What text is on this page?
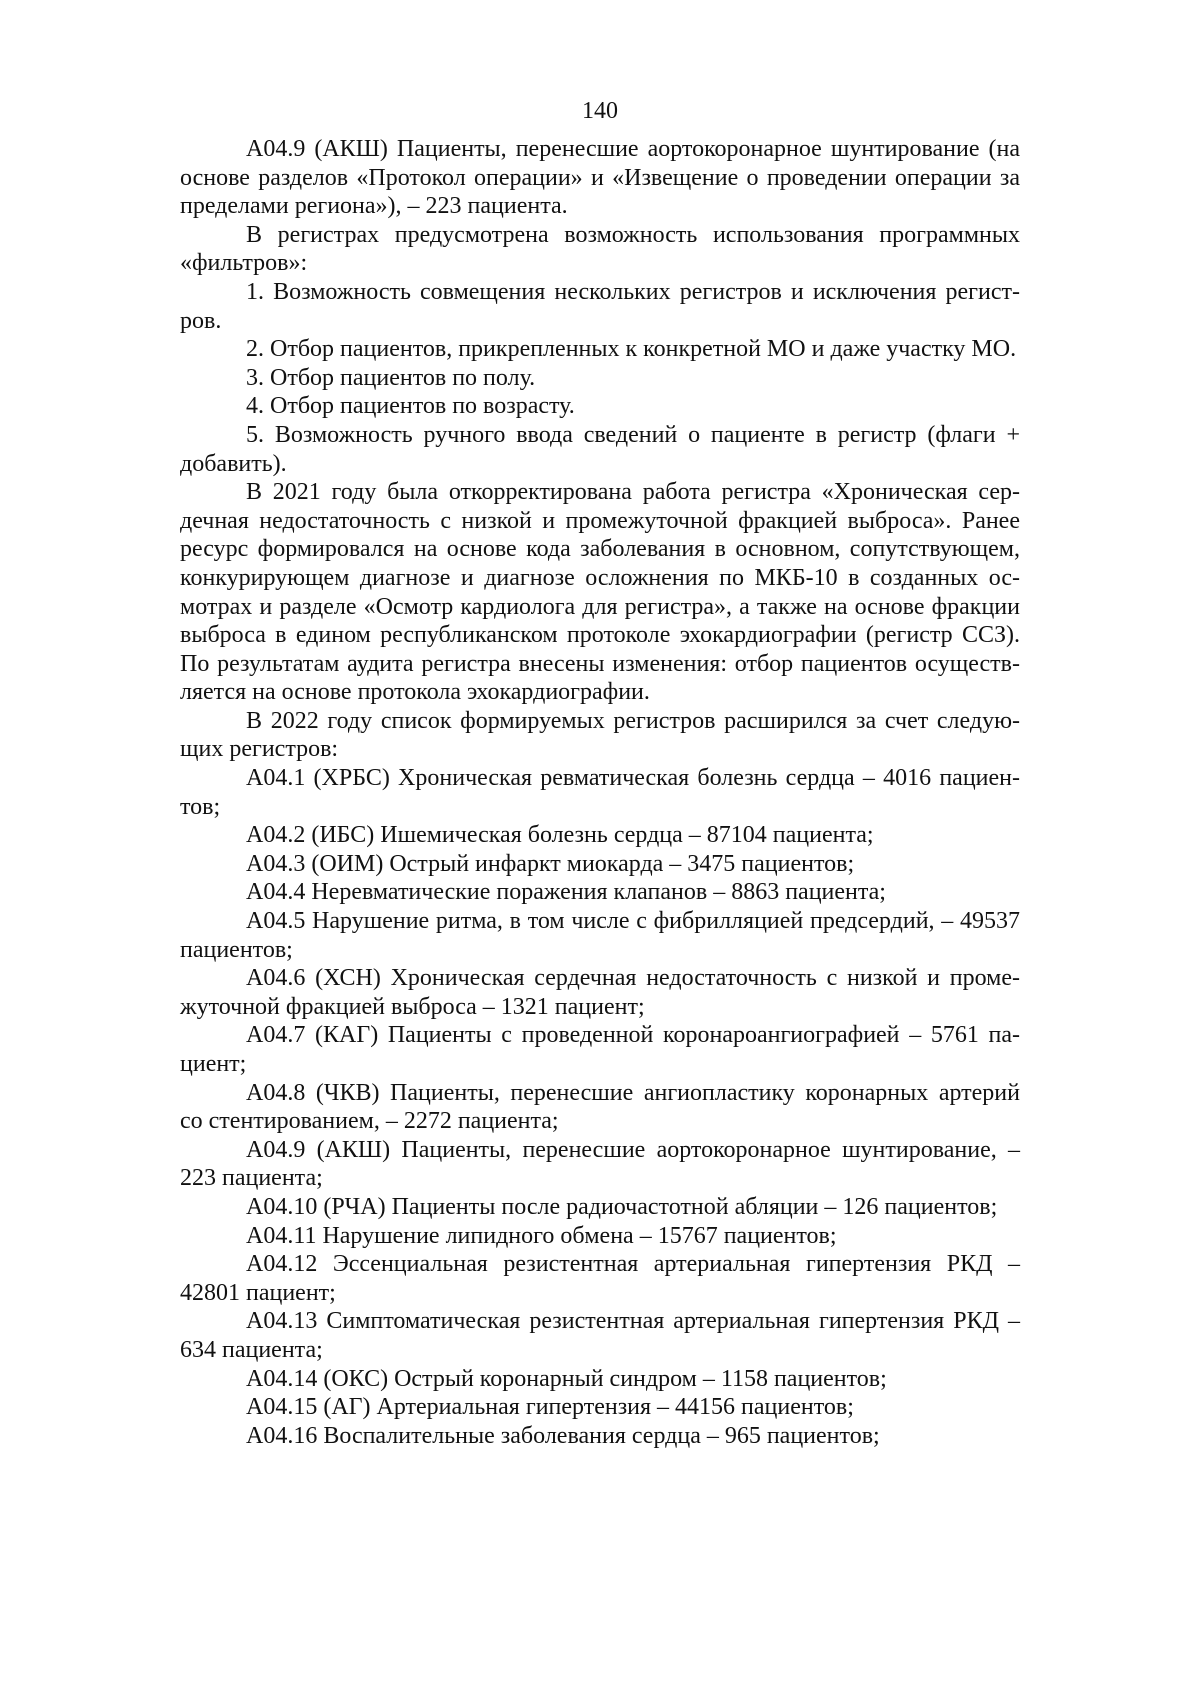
140

А04.9 (АКШ) Пациенты, перенесшие аортокоронарное шунтирование (на основе разделов «Протокол операции» и «Извещение о проведении операции за пределами региона»), – 223 пациента.

В регистрах предусмотрена возможность использования программных «фильтров»:

1. Возможность совмещения нескольких регистров и исключения регистров.

2. Отбор пациентов, прикрепленных к конкретной МО и даже участку МО.

3. Отбор пациентов по полу.

4. Отбор пациентов по возрасту.

5. Возможность ручного ввода сведений о пациенте в регистр (флаги + добавить).

В 2021 году была откорректирована работа регистра «Хроническая сердечная недостаточность с низкой и промежуточной фракцией выброса». Ранее ресурс формировался на основе кода заболевания в основном, сопутствующем, конкурирующем диагнозе и диагнозе осложнения по МКБ-10 в созданных осмотрах и разделе «Осмотр кардиолога для регистра», а также на основе фракции выброса в едином республиканском протоколе эхокардиографии (регистр ССЗ). По результатам аудита регистра внесены изменения: отбор пациентов осуществляется на основе протокола эхокардиографии.

В 2022 году список формируемых регистров расширился за счет следующих регистров:

А04.1 (ХРБС) Хроническая ревматическая болезнь сердца – 4016 пациентов;

А04.2 (ИБС) Ишемическая болезнь сердца – 87104 пациента;

А04.3 (ОИМ) Острый инфаркт миокарда – 3475 пациентов;

А04.4 Неревматические поражения клапанов – 8863 пациента;

А04.5 Нарушение ритма, в том числе с фибрилляцией предсердий, – 49537 пациентов;

А04.6 (ХСН) Хроническая сердечная недостаточность с низкой и промежуточной фракцией выброса – 1321 пациент;

А04.7 (КАГ) Пациенты с проведенной коронароангиографией – 5761 пациент;

А04.8 (ЧКВ) Пациенты, перенесшие ангиопластику коронарных артерий со стентированием, – 2272 пациента;

А04.9 (АКШ) Пациенты, перенесшие аортокоронарное шунтирование, – 223 пациента;

А04.10 (РЧА) Пациенты после радиочастотной абляции – 126 пациентов;

А04.11 Нарушение липидного обмена – 15767 пациентов;

А04.12 Эссенциальная резистентная артериальная гипертензия РКД – 42801 пациент;

А04.13 Симптоматическая резистентная артериальная гипертензия РКД – 634 пациента;

А04.14 (ОКС) Острый коронарный синдром – 1158 пациентов;

А04.15 (АГ) Артериальная гипертензия – 44156 пациентов;

А04.16 Воспалительные заболевания сердца – 965 пациентов;
